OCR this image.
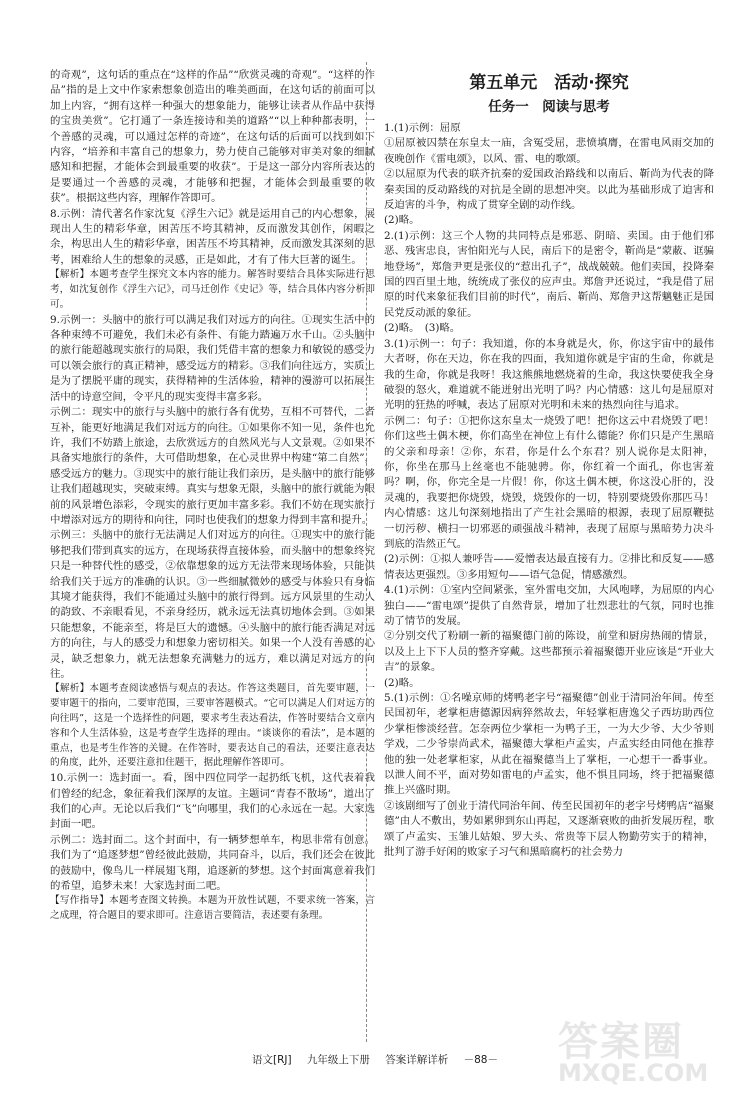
的奇观”，这句话的重点在“这样的作品”“欣赏灵魂的奇观”。“这样的作品”指的是上文中作家索想象创造出的唯美画面，在这句话的前面可以加上内容，“拥有这样一种强大的想象能力，能够让读者从作品中获得的宝贵美赏”。它打通了一条连接诗和美的道路”“以上种种都表明，一个善感的灵魂，可以通过怎样的奇迹”，在这句话的后面可以找到如下内容，“培养和丰富自己的想象力，势力使自己能够对审美对象的细腻感知和把握，才能体会到最重要的收获”。于是这一部分内容所表达的是要通过一个善感的灵魂，才能够和把握，才能体会到最重要的收获”。根据这些内容，理解作答即可。

8.示例：清代著名作家沈复《浮生六记》就是运用自己的内心想象，展现出人生的精彩华章，困苦压不垮其精神，反而激发其创作，闲暇之余，构思出人生的精彩华章，困苦压不垮其精神，反而激发其深刻的思考，困难给人生的想象的灵感，正是如此，才有了伟大巨著的诞生。

【解析】本题考查学生探究文本内容的能力。解答时要结合具体实际进行思考，如沈复创作《浮生六记》，司马迁创作《史记》等，结合具体内容分析即可。

9.示例一：头脑中的旅行可以满足我们对远方的向往。①现实生活中的各种束缚不可避免，我们未必有条件、有能力踏遍万水千山。②头脑中的旅行能超越现实旅行的局限，我们凭借丰富的想象力和敏锐的感受力可以领会旅行的真正精神，感受远方的精彩。③我们向往远方，实质上是为了摆脱平庸的现实，获得精神的生活体验，精神的漫游可以拓展生活中的诗意空间，令平凡的现实变得丰富多彩。

示例二：现实中的旅行与头脑中的旅行各有优势，互相不可替代，二者互补，能更好地满足我们对远方的向往。①如果你不知一见，条件也允许，我们不妨踏上旅途，去欣赏远方的自然风光与人文景观。②如果不具备实地旅行的条件，大可借助想象，在心灵世界中构建“第二自然”，感受远方的魅力。③现实中的旅行能让我们亲历，是头脑中的旅行能够让我们超越现实，突破束缚。真实与想象无限，头脑中的旅行就能为眼前的风景增色添彩，令现实的旅行更加丰富多彩。我们不妨在现实旅行中增添对远方的期待和向往，同时也使我们的想象力得到丰富和提升。

示例三：头脑中的旅行无法满足人们对远方的向往。①现实中的旅行能够把我们带到真实的远方，在现场获得直接体验，而头脑中的想象终究只是一种替代性的感受，②依靠想象的远方无法带来现场体验，只能供给我们关于远方的准确的认识。③一些细腻微妙的感受与体验只有身临其境才能获得，我们不能通过头脑中的旅行得到。远方风景里的生动人的韵致、不亲眼看见，不亲身经历，就永远无法真切地体会到。③如果只能想象，不能亲至，将是巨大的遗憾。④头脑中的旅行能否满足对远方的向往，与人的感受力和想象力密切相关。如果一个人没有善感的心灵，缺乏想象力，就无法想象充满魅力的远方，难以满足对远方的向往。

【解析】本题考查阅读感悟与观点的表达。作答这类题目，首先要审题，一要审题干的指向，二要审范围，三要审答题模式。“它可以满足人们对远方的向往吗”，这是一个选择性的问题，要求考生表达看法，作答时要结合文章内容和个人生活体验，这是考查学生选择的理由。“谈谈你的看法”，是本题的重点，也是考生作答的关键。在作答时，要表达自己的看法，还要注意表达的角度，此外，还要注意扣住题干，据此理解作答即可。

10.示例一：选封面一。看，图中四位同学一起扔纸飞机，这代表着我们曾经的纪念，象征着我们深厚的友谊。主题词“青春不散场”，道出了我们的心声。无论以后我们“飞”向哪里，我们的心永远在一起。大家选封面一吧。

示例二：选封面二。这个封面中，有一辆梦想单车，构思非常有创意。我们为了“追逐梦想”曾经彼此鼓励，共同奋斗，以后，我们还会在彼此的鼓励中，像鸟儿一样展翅飞翔，追逐新的梦想。这个封面寓意着我们的希望，追梦未来！大家选封面二吧。

【写作指导】本题考查图文转换。本题为开放性试题，不要求统一答案，言之成理，符合题目的要求即可。注意语言要简洁，表述要有条理。

第五单元　活动·探究
任务一　阅读与思考

1.(1)示例：屈原

①屈原被囚禁在东皇太一庙，含冤受屈，悲愤填膺，在雷电风雨交加的夜晚创作《雷电颂》，以风、雷、电的歌颂。

②以屈原为代表的联齐抗秦的爱国政治路线和以南后、靳尚为代表的降秦卖国的反动路线的对抗是全剧的思想冲突。以此为基础形成了迫害和反迫害的斗争，构成了贯穿全剧的动作线。

(2)略。

2.(1)示例：这三个人物的共同特点是邪恶、阴暗、卖国。由于他们邪恶、残害忠良，害怕阳光与人民，南后下的是密令，靳尚是“蒙蔽、诓骗地登场”，郑詹尹更是张仪的“惹出孔子”，战战兢兢。他们卖国，投降秦国的四百里土地，统统成了张仪的应声虫。郑詹尹还说过，“我是借了屈原的时代来象征我们目前的时代”，南后、靳尚、郑詹尹这帮魑魅正是国民党反动派的象征。

(2)略。　(3)略。

3.(1)示例一：句子：我知道，你的本身就是火，你，你这宇宙中的最伟大者呀，你在天边，你在我的四面，我知道你就是宇宙的生命，你就是我的生命，你就是我呀！我这熊熊地燃烧着的生命，我这快要使我全身破裂的怒火，难道就不能迸射出光明了吗？内心情感：这儿句是屈原对光明的狂热的呼喊，表达了屈原对光明和未来的热烈向往与追求。

示例二：句子：①把你这东皇太一烧毁了吧！把你这云中君烧毁了吧！你们这些土偶木梗，你们高坐在神位上有什么德能？你们只是产生黑暗的父亲和母亲！②你，东君，你是什么个东君？别人说你是太阳神，你，你坐在那马上丝毫也不能驰骋。你，你红着一个面孔，你也害羞吗？啊，你，你完全是一片假！你，你这土偶木梗，你这没心肝的，没灵魂的，我要把你烧毁，烧毁，烧毁你的一切，特别要烧毁你那匹马！内心情感：这儿句深刻地指出了产生社会黑暗的根源，表现了屈原鞭挞一切污秽、横扫一切邪恶的顽强战斗精神，表现了屈原与黑暗势力决斗到底的浩然正气。

(2)示例：①拟人兼呼告——爱憎表达最直接有力。②排比和反复——感情表达更强烈。③多用短句——语气急促，情感激烈。

4.(1)示例：①室内空间紧张，室外雷电交加，大风咆哮，为屈原的内心独白——“雷电颂”提供了自然背景，增加了壮烈悲壮的气氛，同时也推动了情节的发展。

②分别交代了粉刷一新的福聚德门前的陈设，前堂和厨房热闹的情景，以及上上下下人员的整齐穿戴。这些都预示着福聚德开业应该是“开业大吉”的景象。

(2)略。

5.(1)示例：①名噪京师的烤鸭老字号“福聚德”创业于清同治年间。传至民国初年，老掌柜唐德源因病猝然故去，年轻掌柜唐逸父子西坊助西位少掌柜惨淡经营。怎奈两位少掌柜一为鸭子王，一为大少爷、大少爷则学戏，二少爷崇尚武术，福聚德大掌柜卢孟实，卢孟实经由同他在推荐他的独一处老掌柜家，从此在福聚德当上了掌柜，一心想干一番事业。以泄人间不平，面对势如雷电的卢孟实，他不惧且同场，终于把福聚德推上兴盛时期。

②该剧细写了创业于清代同治年间、传至民国初年的老字号烤鸭店“福聚德”由人不敷出，势如累卵到东山再起，又逐渐衰败的曲折发展历程，歌颂了卢孟实、玉雏儿姑娘、罗大头、常贵等下层人物勤劳实于的精神，批判了游手好闲的败家子习气和黑暗腐朽的社会势力

语文[RJ] 九年级上下册 答案详解详析 －88－	答案圈
MXQE.COM
